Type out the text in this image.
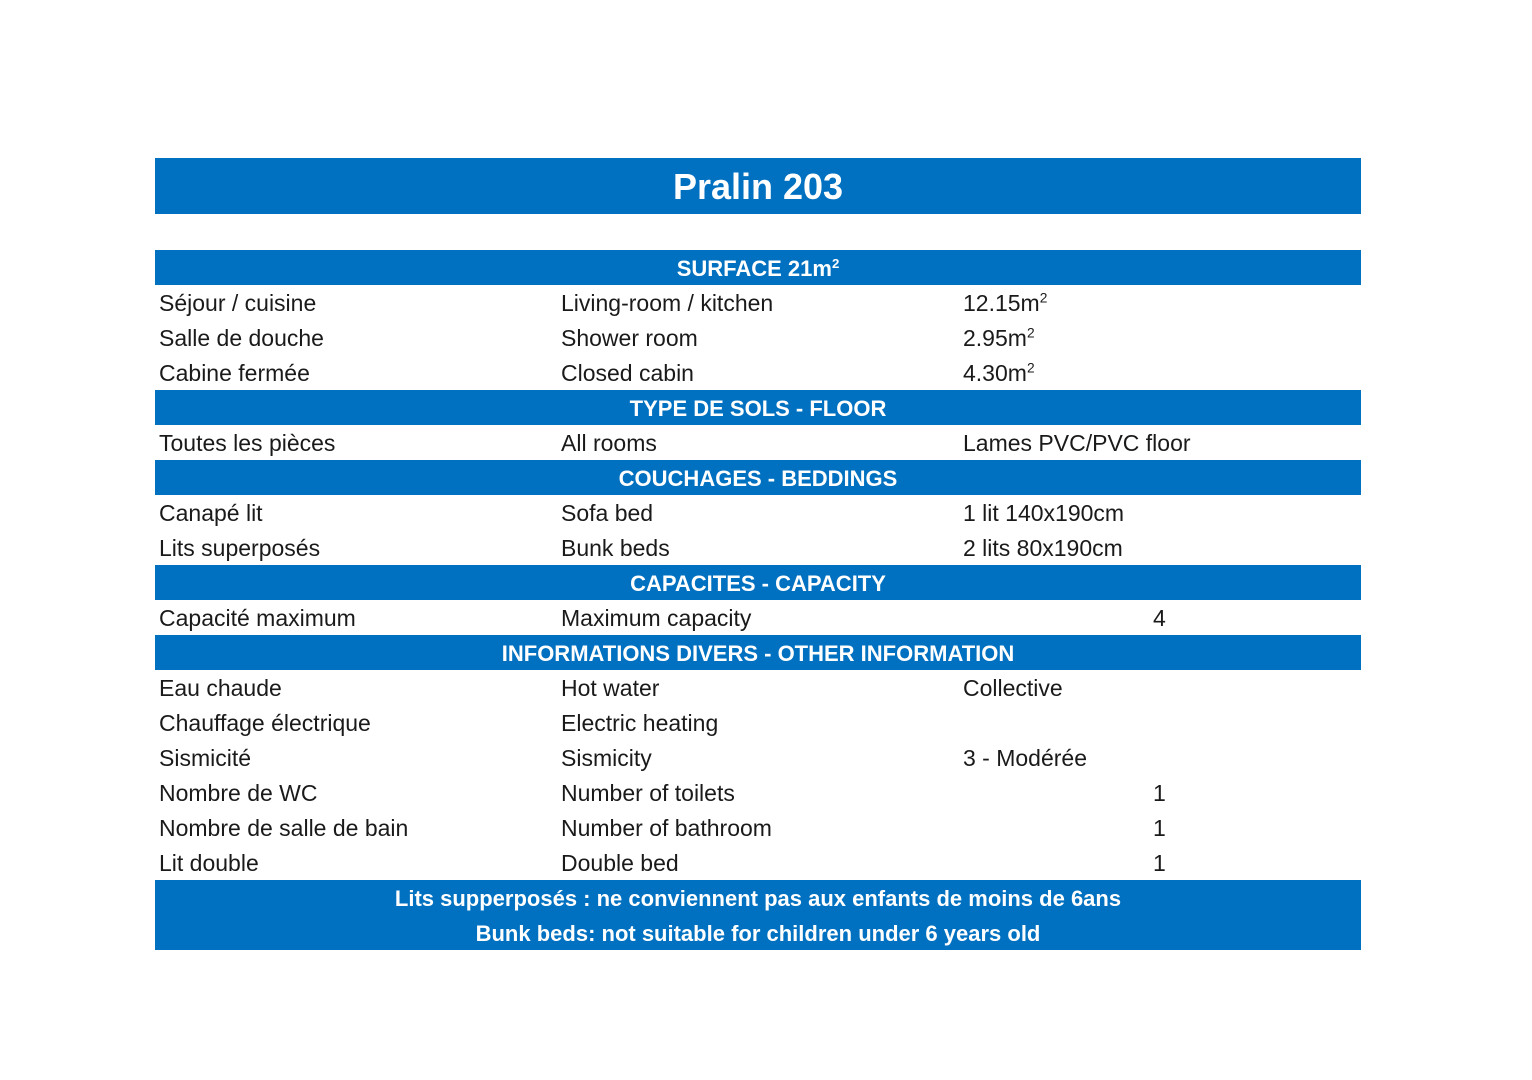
Pralin 203
SURFACE $21m^2$
Séjour / cuisine	Living-room / kitchen	$12.15m^2$
Salle de douche	Shower room	$2.95m^2$
Cabine fermée	Closed cabin	$4.30m^2$
TYPE DE SOLS - FLOOR
Toutes les pièces	All rooms	Lames PVC/PVC floor
COUCHAGES - BEDDINGS
Canapé lit	Sofa bed	1 lit 140x190cm
Lits superposés	Bunk beds	2 lits 80x190cm
CAPACITES - CAPACITY
Capacité maximum	Maximum capacity	4
INFORMATIONS DIVERS - OTHER INFORMATION
Eau chaude	Hot water	Collective
Chauffage électrique	Electric heating
Sismicité	Sismicity	3 - Modérée
Nombre de WC	Number of toilets	1
Nombre de salle de bain	Number of bathroom	1
Lit double	Double bed	1
Lits supperposés : ne conviennent pas aux enfants de moins de 6ans
Bunk beds: not suitable for children under 6 years old
